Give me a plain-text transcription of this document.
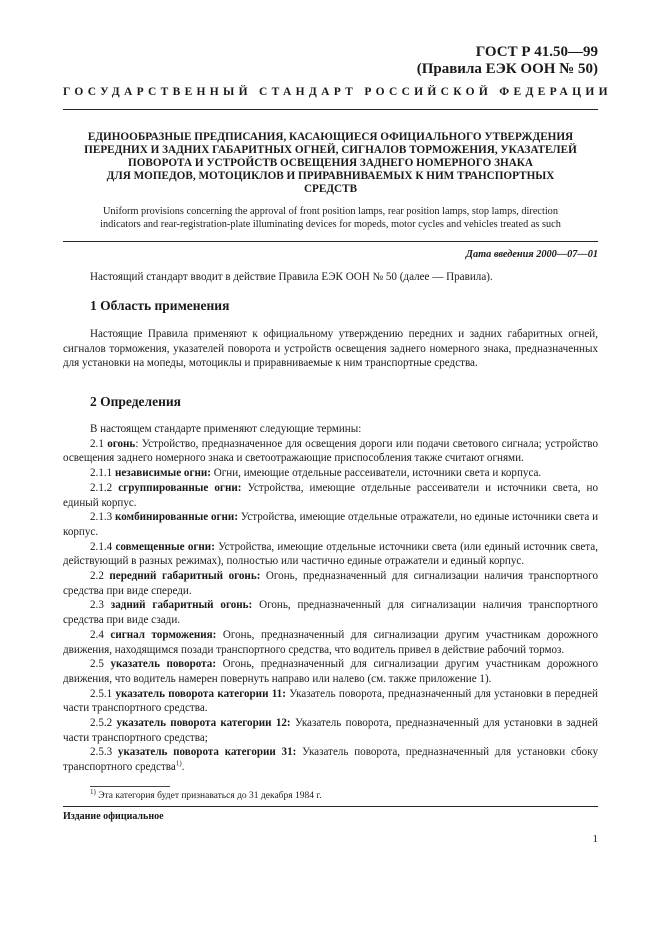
ГОСТ Р 41.50—99
(Правила ЕЭК ООН № 50)
ГОСУДАРСТВЕННЫЙ СТАНДАРТ РОССИЙСКОЙ ФЕДЕРАЦИИ
ЕДИНООБРАЗНЫЕ ПРЕДПИСАНИЯ, КАСАЮЩИЕСЯ ОФИЦИАЛЬНОГО УТВЕРЖДЕНИЯ
ПЕРЕДНИХ И ЗАДНИХ ГАБАРИТНЫХ ОГНЕЙ, СИГНАЛОВ ТОРМОЖЕНИЯ, УКАЗАТЕЛЕЙ
ПОВОРОТА И УСТРОЙСТВ ОСВЕЩЕНИЯ ЗАДНЕГО НОМЕРНОГО ЗНАКА
ДЛЯ МОПЕДОВ, МОТОЦИКЛОВ И ПРИРАВНИВАЕМЫХ К НИМ ТРАНСПОРТНЫХ
СРЕДСТВ
Uniform provisions concerning the approval of front position lamps, rear position lamps, stop lamps, direction
indicators and rear-registration-plate illuminating devices for mopeds, motor cycles and vehicles treated as such
Дата введения 2000—07—01

Настоящий стандарт вводит в действие Правила ЕЭК ООН № 50 (далее — Правила).

1 Область применения

Настоящие Правила применяют к официальному утверждению передних и задних габаритных огней, сигналов торможения, указателей поворота и устройств освещения заднего номерного знака, предназначенных для установки на мопеды, мотоциклы и приравниваемые к ним транспортные средства.

2 Определения

В настоящем стандарте применяют следующие термины:

2.1 огонь: Устройство, предназначенное для освещения дороги или подачи светового сигнала; устройство освещения заднего номерного знака и светоотражающие приспособления также считают огнями.

2.1.1 независимые огни: Огни, имеющие отдельные рассеиватели, источники света и корпуса.

2.1.2 сгруппированные огни: Устройства, имеющие отдельные рассеиватели и источники света, но единый корпус.

2.1.3 комбинированные огни: Устройства, имеющие отдельные отражатели, но единые источники света и корпус.

2.1.4 совмещенные огни: Устройства, имеющие отдельные источники света (или единый источник света, действующий в разных режимах), полностью или частично единые отражатели и единый корпус.

2.2 передний габаритный огонь: Огонь, предназначенный для сигнализации наличия транспортного средства при виде спереди.

2.3 задний габаритный огонь: Огонь, предназначенный для сигнализации наличия транспортного средства при виде сзади.

2.4 сигнал торможения: Огонь, предназначенный для сигнализации другим участникам дорожного движения, находящимся позади транспортного средства, что водитель привел в действие рабочий тормоз.

2.5 указатель поворота: Огонь, предназначенный для сигнализации другим участникам дорожного движения, что водитель намерен повернуть направо или налево (см. также приложение 1).

2.5.1 указатель поворота категории 11: Указатель поворота, предназначенный для установки в передней части транспортного средства.

2.5.2 указатель поворота категории 12: Указатель поворота, предназначенный для установки в задней части транспортного средства;

2.5.3 указатель поворота категории 31: Указатель поворота, предназначенный для установки сбоку транспортного средства$^{1)}$.

$^{1)}$ Эта категория будет признаваться до 31 декабря 1984 г.
Издание официальное
1
